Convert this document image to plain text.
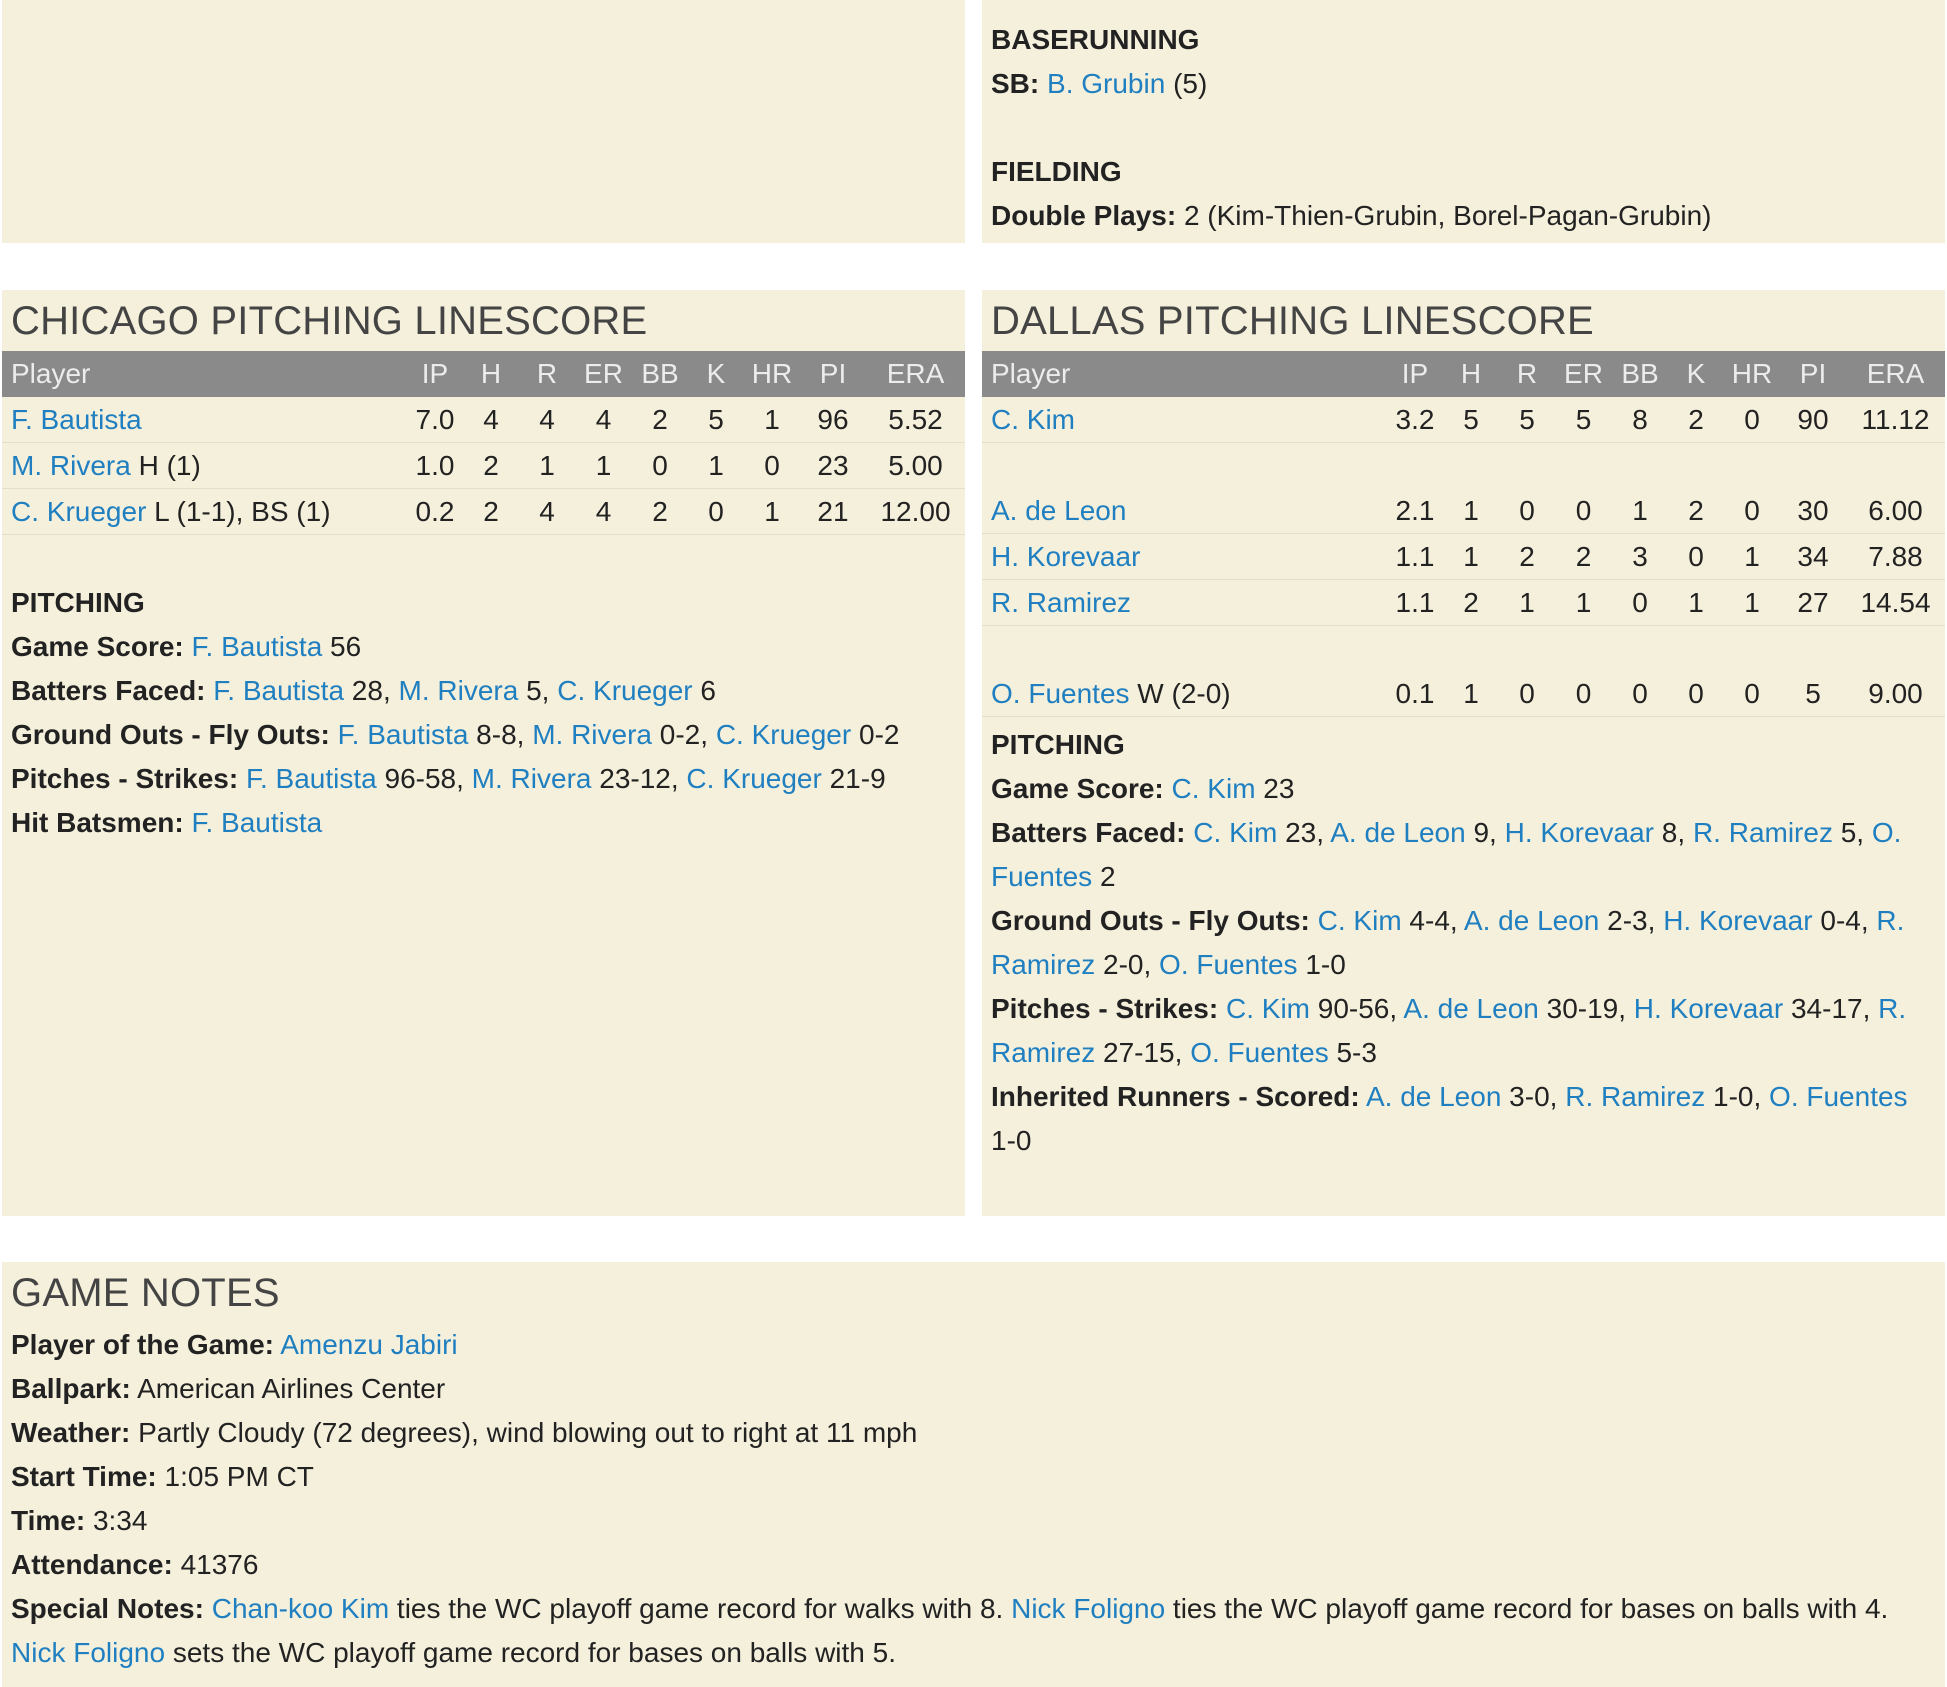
BASERUNNING
SB: B. Grubin (5)
FIELDING
Double Plays: 2 (Kim-Thien-Grubin, Borel-Pagan-Grubin)
CHICAGO PITCHING LINESCORE
Player	IP	H	R	ER	BB	K	HR	PI	ERA
F. Bautista	7.0	4	4	4	2	5	1	96	5.52
M. Rivera H (1)	1.0	2	1	1	0	1	0	23	5.00
C. Krueger L (1-1), BS (1)	0.2	2	4	4	2	0	1	21	12.00
PITCHING
Game Score: F. Bautista 56
Batters Faced: F. Bautista 28, M. Rivera 5, C. Krueger 6
Ground Outs - Fly Outs: F. Bautista 8-8, M. Rivera 0-2, C. Krueger 0-2
Pitches - Strikes: F. Bautista 96-58, M. Rivera 23-12, C. Krueger 21-9
Hit Batsmen: F. Bautista
DALLAS PITCHING LINESCORE
Player	IP	H	R	ER	BB	K	HR	PI	ERA
C. Kim	3.2	5	5	5	8	2	0	90	11.12

A. de Leon	2.1	1	0	0	1	2	0	30	6.00
H. Korevaar	1.1	1	2	2	3	0	1	34	7.88
R. Ramirez	1.1	2	1	1	0	1	1	27	14.54

O. Fuentes W (2-0)	0.1	1	0	0	0	0	0	5	9.00
PITCHING
Game Score: C. Kim 23
Batters Faced: C. Kim 23, A. de Leon 9, H. Korevaar 8, R. Ramirez 5, O. Fuentes 2
Ground Outs - Fly Outs: C. Kim 4-4, A. de Leon 2-3, H. Korevaar 0-4, R. Ramirez 2-0, O. Fuentes 1-0
Pitches - Strikes: C. Kim 90-56, A. de Leon 30-19, H. Korevaar 34-17, R. Ramirez 27-15, O. Fuentes 5-3
Inherited Runners - Scored: A. de Leon 3-0, R. Ramirez 1-0, O. Fuentes 1-0
GAME NOTES
Player of the Game: Amenzu Jabiri
Ballpark: American Airlines Center
Weather: Partly Cloudy (72 degrees), wind blowing out to right at 11 mph
Start Time: 1:05 PM CT
Time: 3:34
Attendance: 41376
Special Notes: Chan-koo Kim ties the WC playoff game record for walks with 8. Nick Foligno ties the WC playoff game record for bases on balls with 4. Nick Foligno sets the WC playoff game record for bases on balls with 5.
